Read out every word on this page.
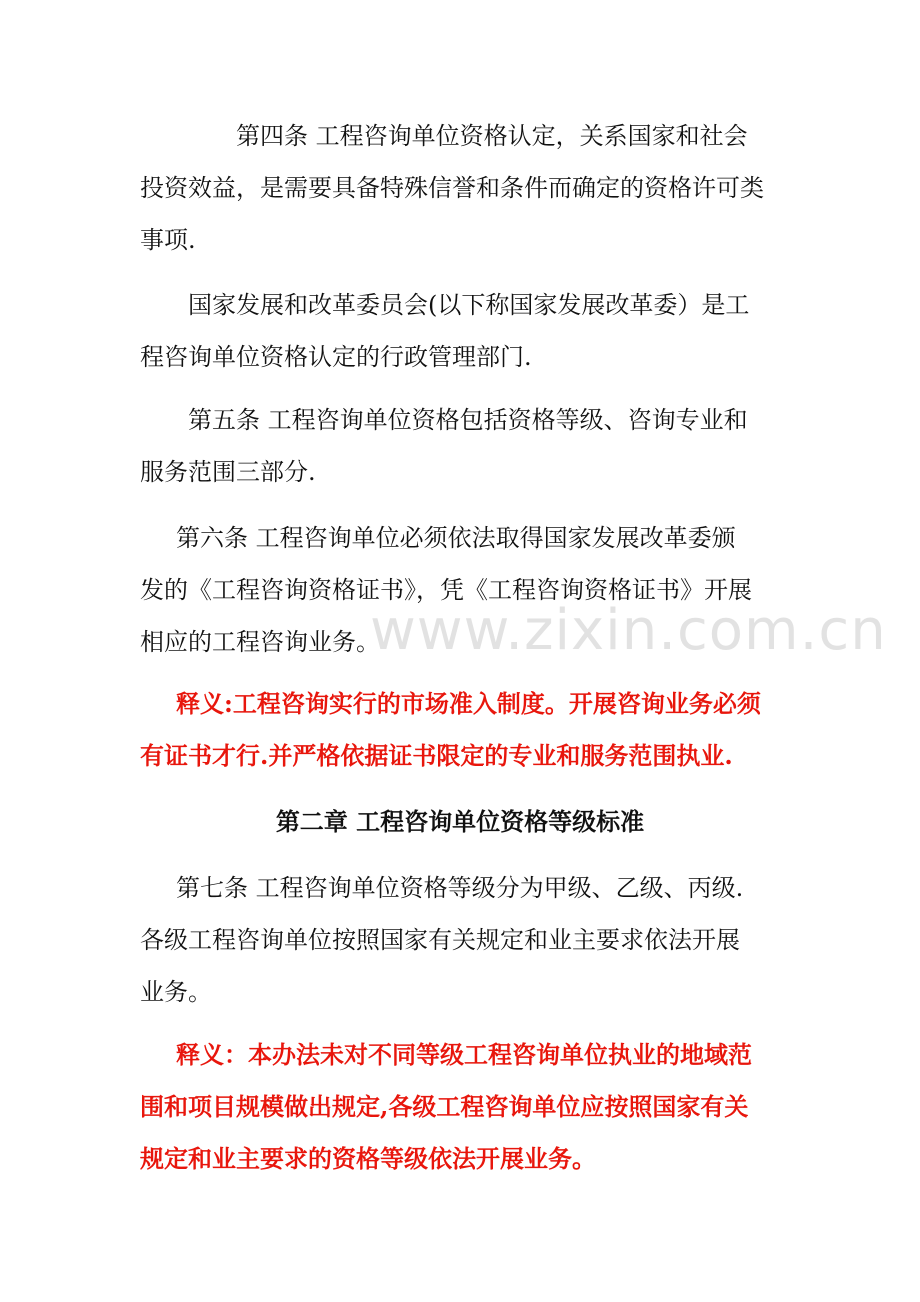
www.zixin.com.cn

第四条 工程咨询单位资格认定，关系国家和社会
投资效益，是需要具备特殊信誉和条件而确定的资格许可类
事项.

国家发展和改革委员会(以下称国家发展改革委）是工
程咨询单位资格认定的行政管理部门.

第五条 工程咨询单位资格包括资格等级、咨询专业和
服务范围三部分.

第六条 工程咨询单位必须依法取得国家发展改革委颁
发的《工程咨询资格证书》，凭《工程咨询资格证书》开展
相应的工程咨询业务。

释义:工程咨询实行的市场准入制度。开展咨询业务必须
有证书才行.并严格依据证书限定的专业和服务范围执业.

第二章 工程咨询单位资格等级标准

第七条 工程咨询单位资格等级分为甲级、乙级、丙级.
各级工程咨询单位按照国家有关规定和业主要求依法开展
业务。

释义：本办法未对不同等级工程咨询单位执业的地域范
围和项目规模做出规定,各级工程咨询单位应按照国家有关
规定和业主要求的资格等级依法开展业务。
